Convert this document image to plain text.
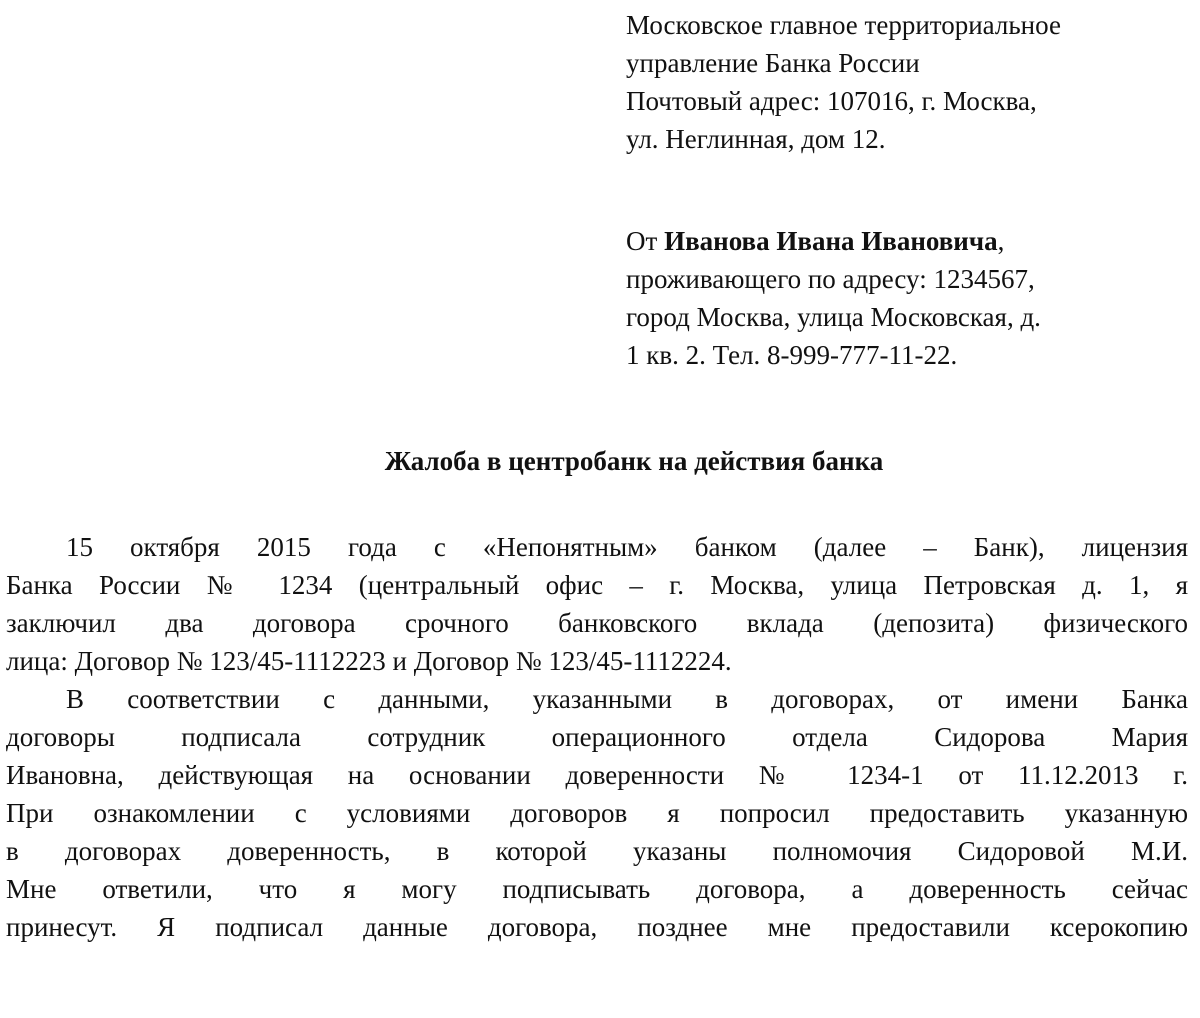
Московское главное территориальное
управление Банка России
Почтовый адрес: 107016, г. Москва,
ул. Неглинная, дом 12.
От Иванова Ивана Ивановича,
проживающего по адресу: 1234567,
город Москва, улица Московская, д.
1 кв. 2. Тел. 8-999-777-11-22.
Жалоба в центробанк на действия банка

15 октября 2015 года с «Непонятным» банком (далее – Банк), лицензия
Банка России № 1234 (центральный офис – г. Москва, улица Петровская д. 1, я
заключил два договора срочного банковского вклада (депозита) физического
лица: Договор № 123/45-1112223 и Договор № 123/45-1112224.

В соответствии с данными, указанными в договорах, от имени Банка
договоры подписала сотрудник операционного отдела Сидорова Мария
Ивановна, действующая на основании доверенности № 1234-1 от 11.12.2013 г.
При ознакомлении с условиями договоров я попросил предоставить указанную
в договорах доверенность, в которой указаны полномочия Сидоровой М.И.
Мне ответили, что я могу подписывать договора, а доверенность сейчас
принесут. Я подписал данные договора, позднее мне предоставили ксерокопию
